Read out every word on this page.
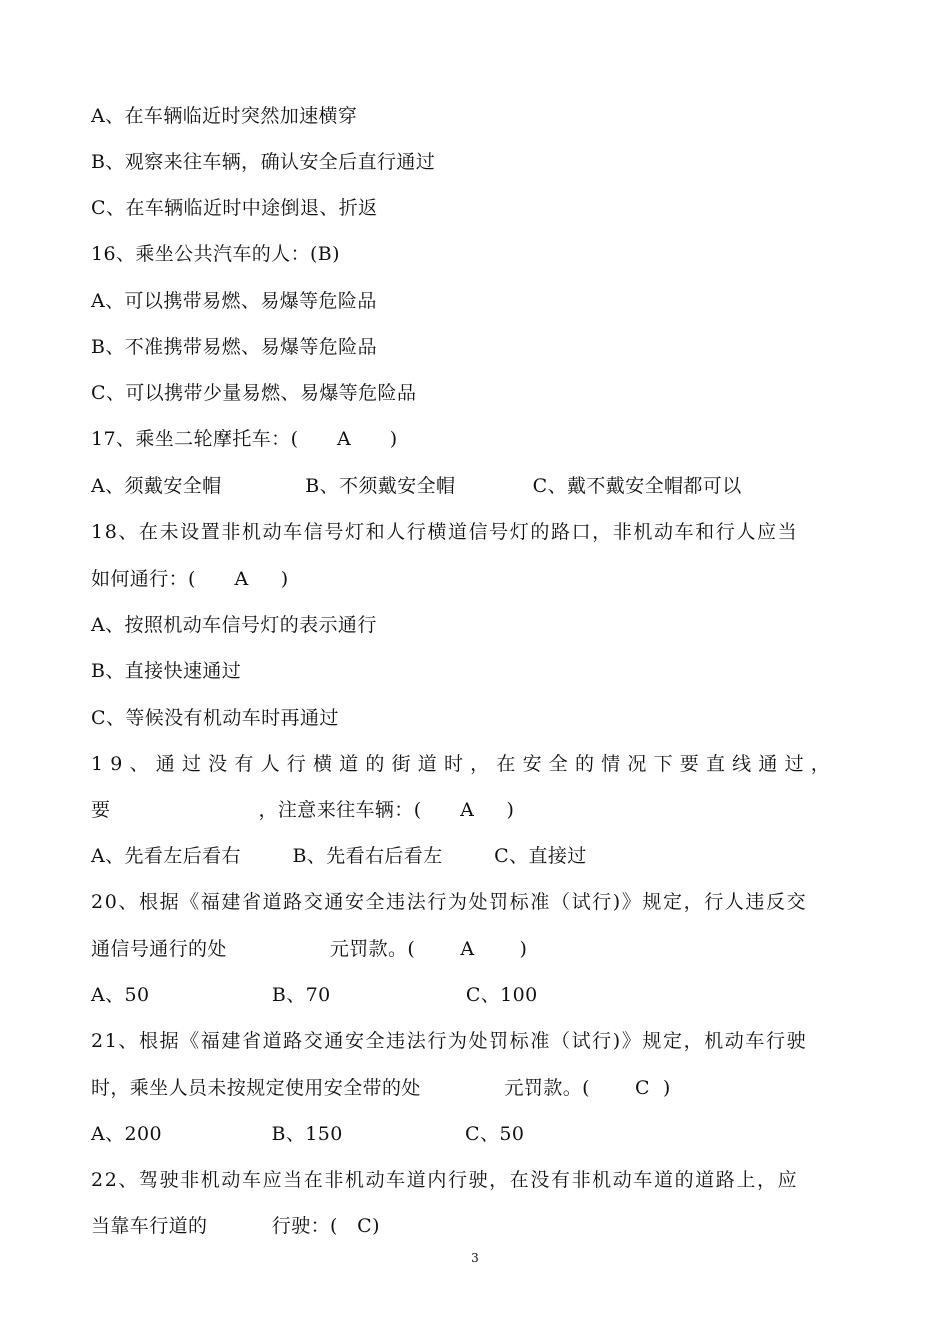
A、在车辆临近时突然加速横穿
B、观察来往车辆，确认安全后直行通过
C、在车辆临近时中途倒退、折返
16、乘坐公共汽车的人：(B)
A、可以携带易燃、易爆等危险品
B、不准携带易燃、易爆等危险品
C、可以携带少量易燃、易爆等危险品
17、乘坐二轮摩托车：(      A      )
A、须戴安全帽             B、不须戴安全帽            C、戴不戴安全帽都可以
18、在未设置非机动车信号灯和人行横道信号灯的路口，非机动车和行人应当
如何通行：(      A     )
A、按照机动车信号灯的表示通行
B、直接快速通过
C、等候没有机动车时再通过
19、通过没有人行横道的街道时，在安全的情况下要直线通过，
要                       ，注意来往车辆：(      A     )
A、先看左后看右        B、先看右后看左        C、直接过
20、根据《福建省道路交通安全违法行为处罚标准（试行)》规定，行人违反交
通信号通行的处                元罚款。(       A       )
A、50                   B、70                     C、100
21、根据《福建省道路交通安全违法行为处罚标准（试行)》规定，机动车行驶
时，乘坐人员未按规定使用安全带的处             元罚款。(       C  )
A、200                 B、150                   C、50
22、驾驶非机动车应当在非机动车道内行驶，在没有非机动车道的道路上，应
当靠车行道的          行驶：(   C)
3
